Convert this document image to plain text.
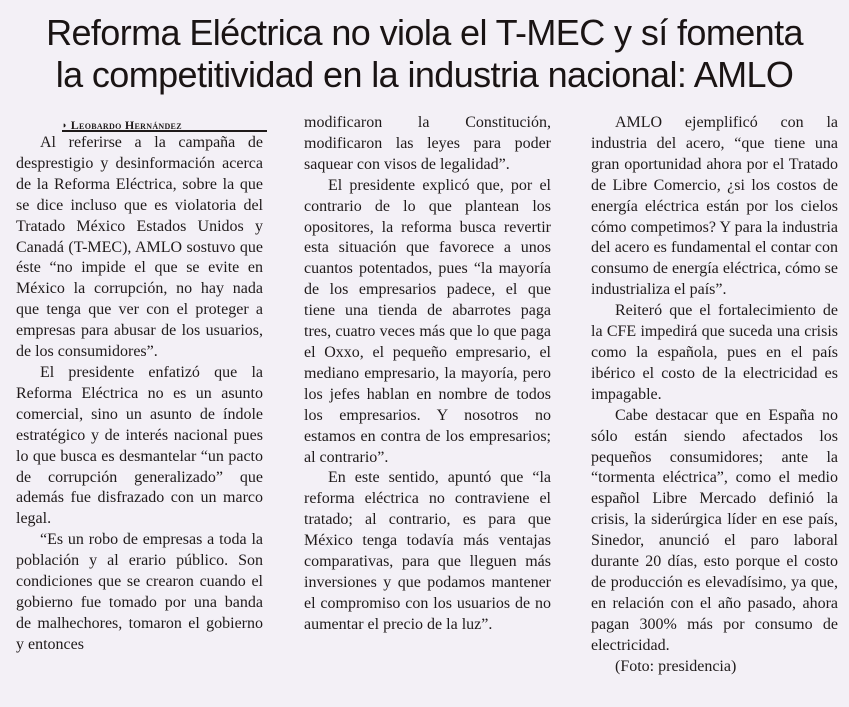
Reforma Eléctrica no viola el T-MEC y sí fomenta
la competitividad en la industria nacional: AMLO
◗ Leobardo Hernández

Al referirse a la campaña de desprestigio y desinformación acerca de la Reforma Eléctrica, sobre la que se dice incluso que es violatoria del Tratado México Estados Unidos y Canadá (T-MEC), AMLO sostuvo que éste “no impide el que se evite en México la corrupción, no hay nada que tenga que ver con el proteger a empresas para abusar de los usuarios, de los consumidores”.

El presidente enfatizó que la Reforma Eléctrica no es un asunto comercial, sino un asunto de índole estratégico y de interés nacional pues lo que busca es desmantelar “un pacto de corrupción generalizado” que además fue disfrazado con un marco legal.

“Es un robo de empresas a toda la población y al erario público. Son condiciones que se crearon cuando el gobierno fue tomado por una banda de malhechores, tomaron el gobierno y entonces

modificaron la Constitución, modificaron las leyes para poder saquear con visos de legalidad”.

El presidente explicó que, por el contrario de lo que plantean los opositores, la reforma busca revertir esta situación que favorece a unos cuantos potentados, pues “la mayoría de los empresarios padece, el que tiene una tienda de abarrotes paga tres, cuatro veces más que lo que paga el Oxxo, el pequeño empresario, el mediano empresario, la mayoría, pero los jefes hablan en nombre de todos los empresarios. Y nosotros no estamos en contra de los empresarios; al contrario”.

En este sentido, apuntó que “la reforma eléctrica no contraviene el tratado; al contrario, es para que México tenga todavía más ventajas comparativas, para que lleguen más inversiones y que podamos mantener el compromiso con los usuarios de no aumentar el precio de la luz”.

AMLO ejemplificó con la industria del acero, “que tiene una gran oportunidad ahora por el Tratado de Libre Comercio, ¿si los costos de energía eléctrica están por los cielos cómo competimos? Y para la industria del acero es fundamental el contar con consumo de energía eléctrica, cómo se industrializa el país”.

Reiteró que el fortalecimiento de la CFE impedirá que suceda una crisis como la española, pues en el país ibérico el costo de la electricidad es impagable.

Cabe destacar que en España no sólo están siendo afectados los pequeños consumidores; ante la “tormenta eléctrica”, como el medio español Libre Mercado definió la crisis, la siderúrgica líder en ese país, Sinedor, anunció el paro laboral durante 20 días, esto porque el costo de producción es elevadísimo, ya que, en relación con el año pasado, ahora pagan 300% más por consumo de electricidad.

(Foto: presidencia)
